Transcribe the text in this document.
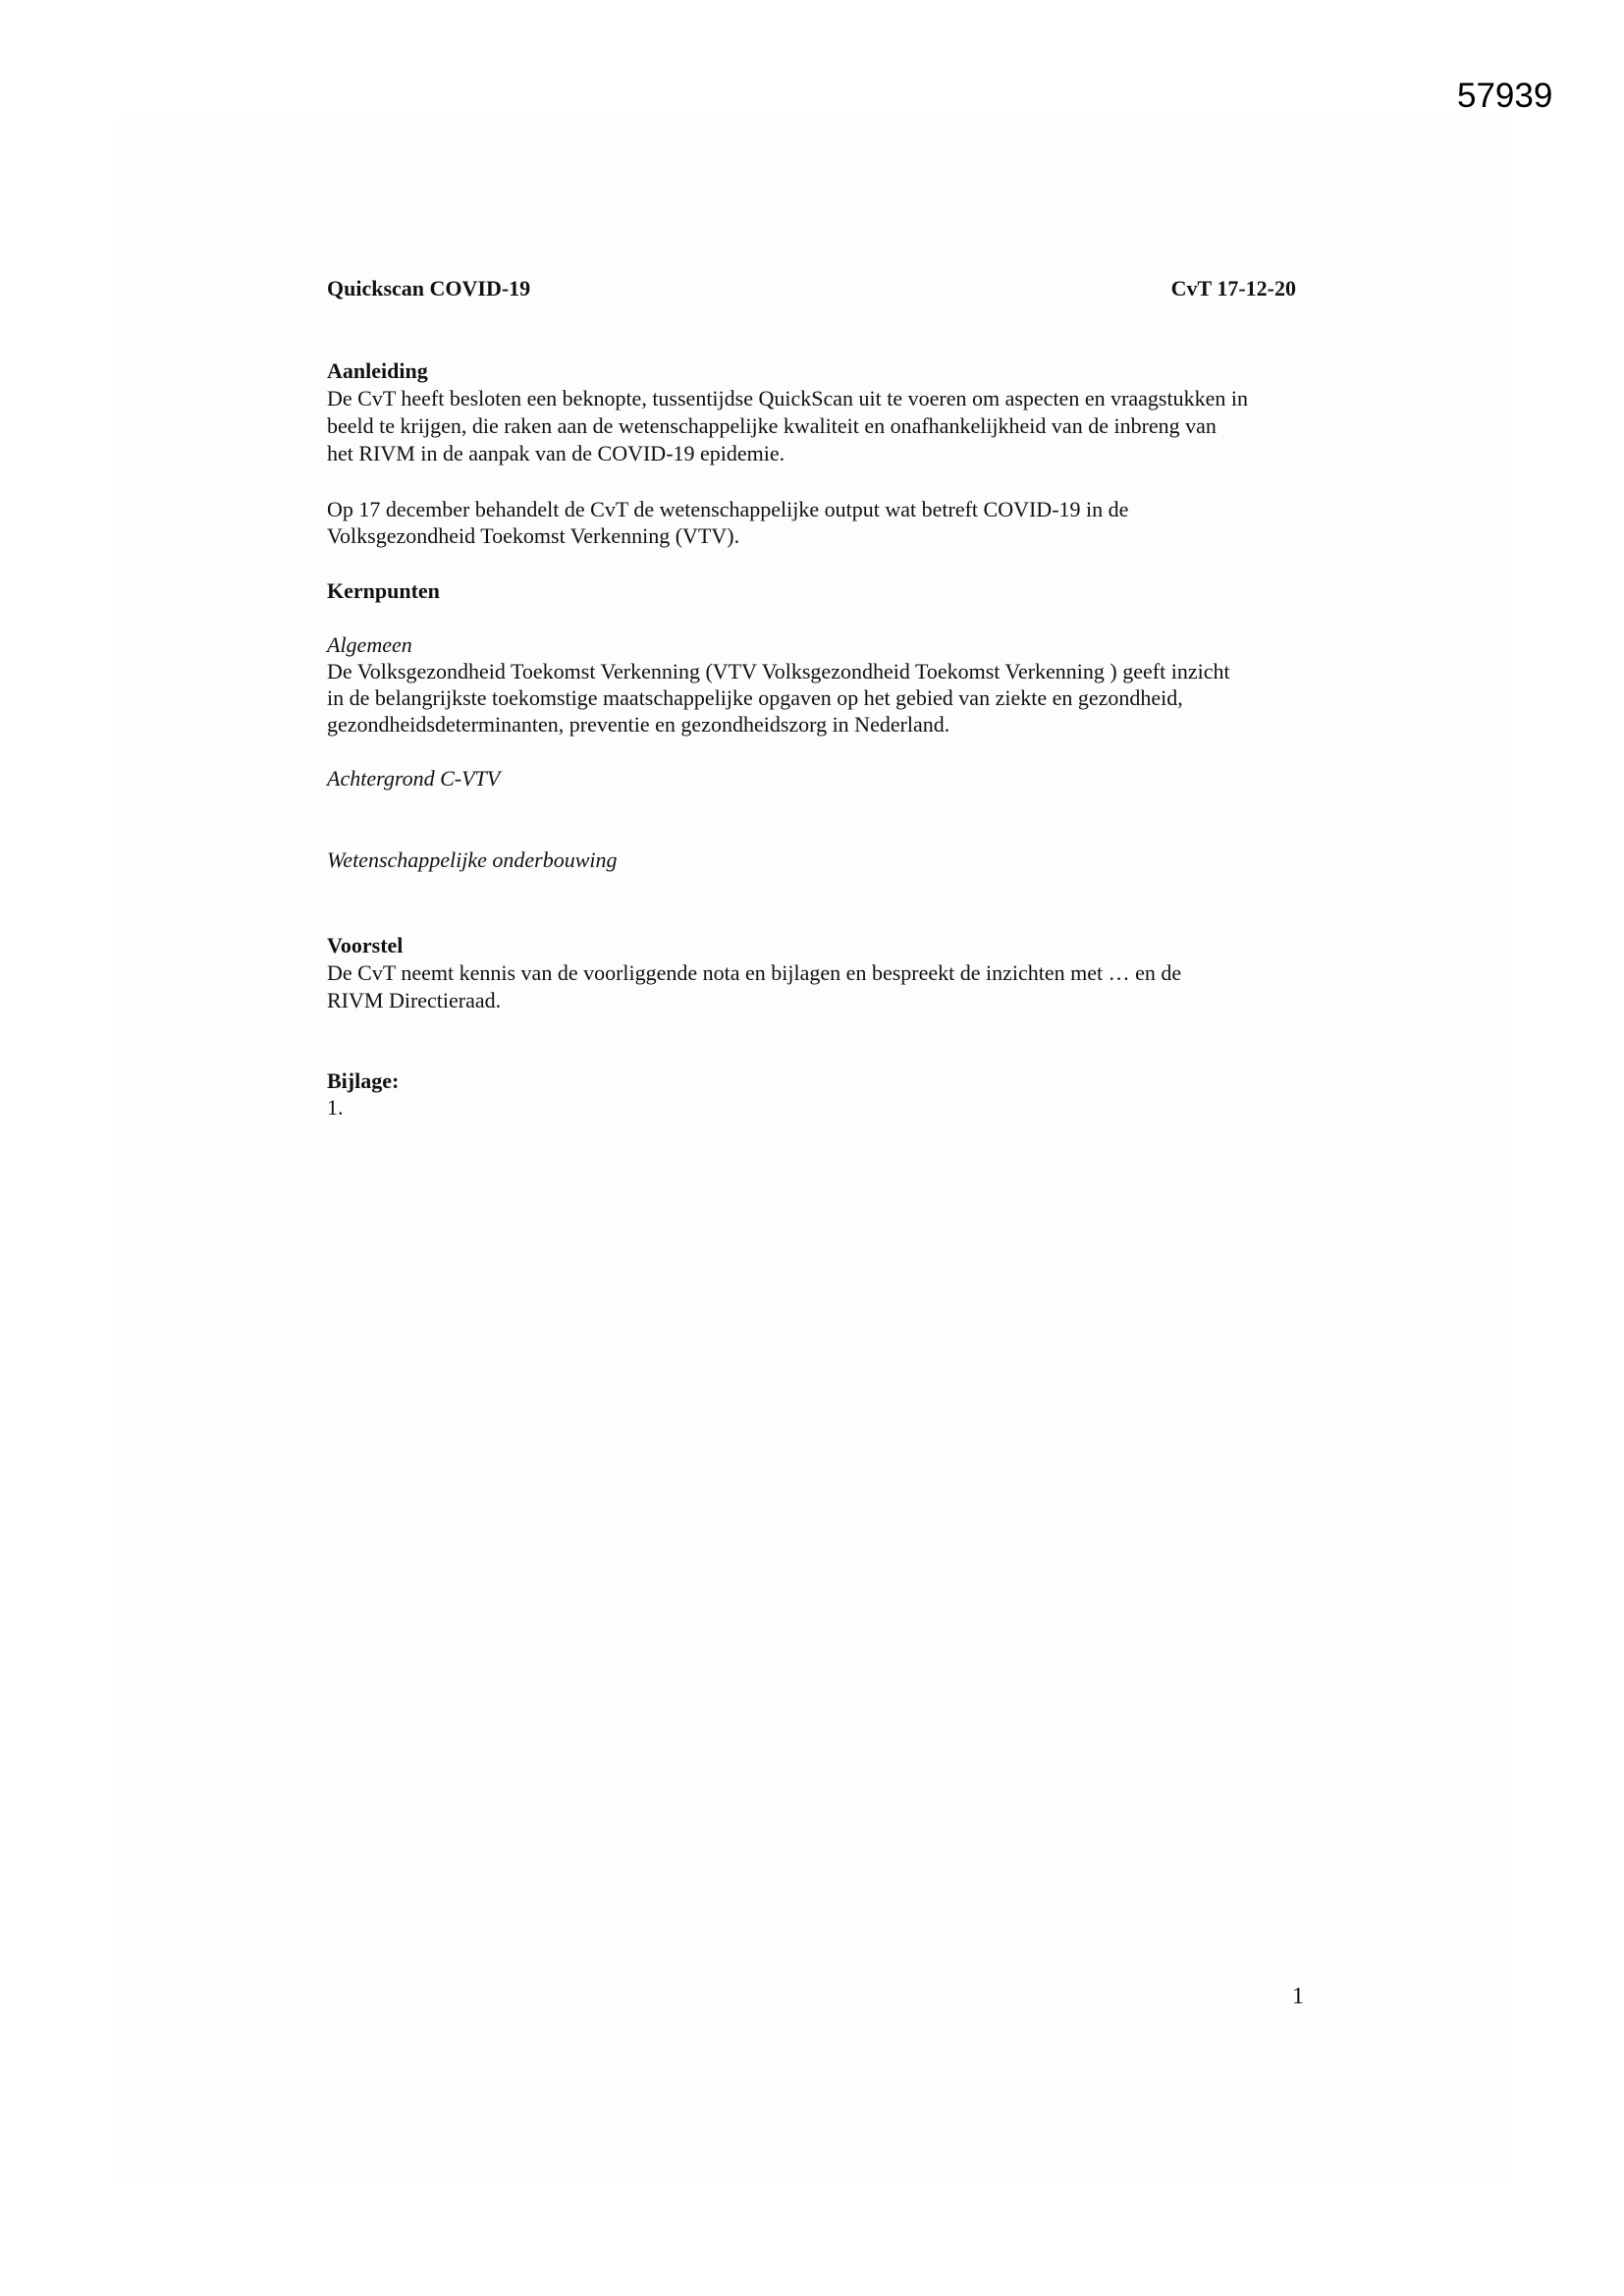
57939
Quickscan COVID-19	CvT 17-12-20
Aanleiding
De CvT heeft besloten een beknopte, tussentijdse QuickScan uit te voeren om aspecten en vraagstukken in
beeld te krijgen, die raken aan de wetenschappelijke kwaliteit en onafhankelijkheid van de inbreng van
het RIVM in de aanpak van de COVID-19 epidemie.
Op 17 december behandelt de CvT de wetenschappelijke output wat betreft COVID-19 in de
Volksgezondheid Toekomst Verkenning (VTV).
Kernpunten
Algemeen
De Volksgezondheid Toekomst Verkenning (VTV Volksgezondheid Toekomst Verkenning ) geeft inzicht
in de belangrijkste toekomstige maatschappelijke opgaven op het gebied van ziekte en gezondheid,
gezondheidsdeterminanten, preventie en gezondheidszorg in Nederland.
Achtergrond C-VTV
Wetenschappelijke onderbouwing
Voorstel
De CvT neemt kennis van de voorliggende nota en bijlagen en bespreekt de inzichten met … en de
RIVM Directieraad.
Bijlage:
1.
1
